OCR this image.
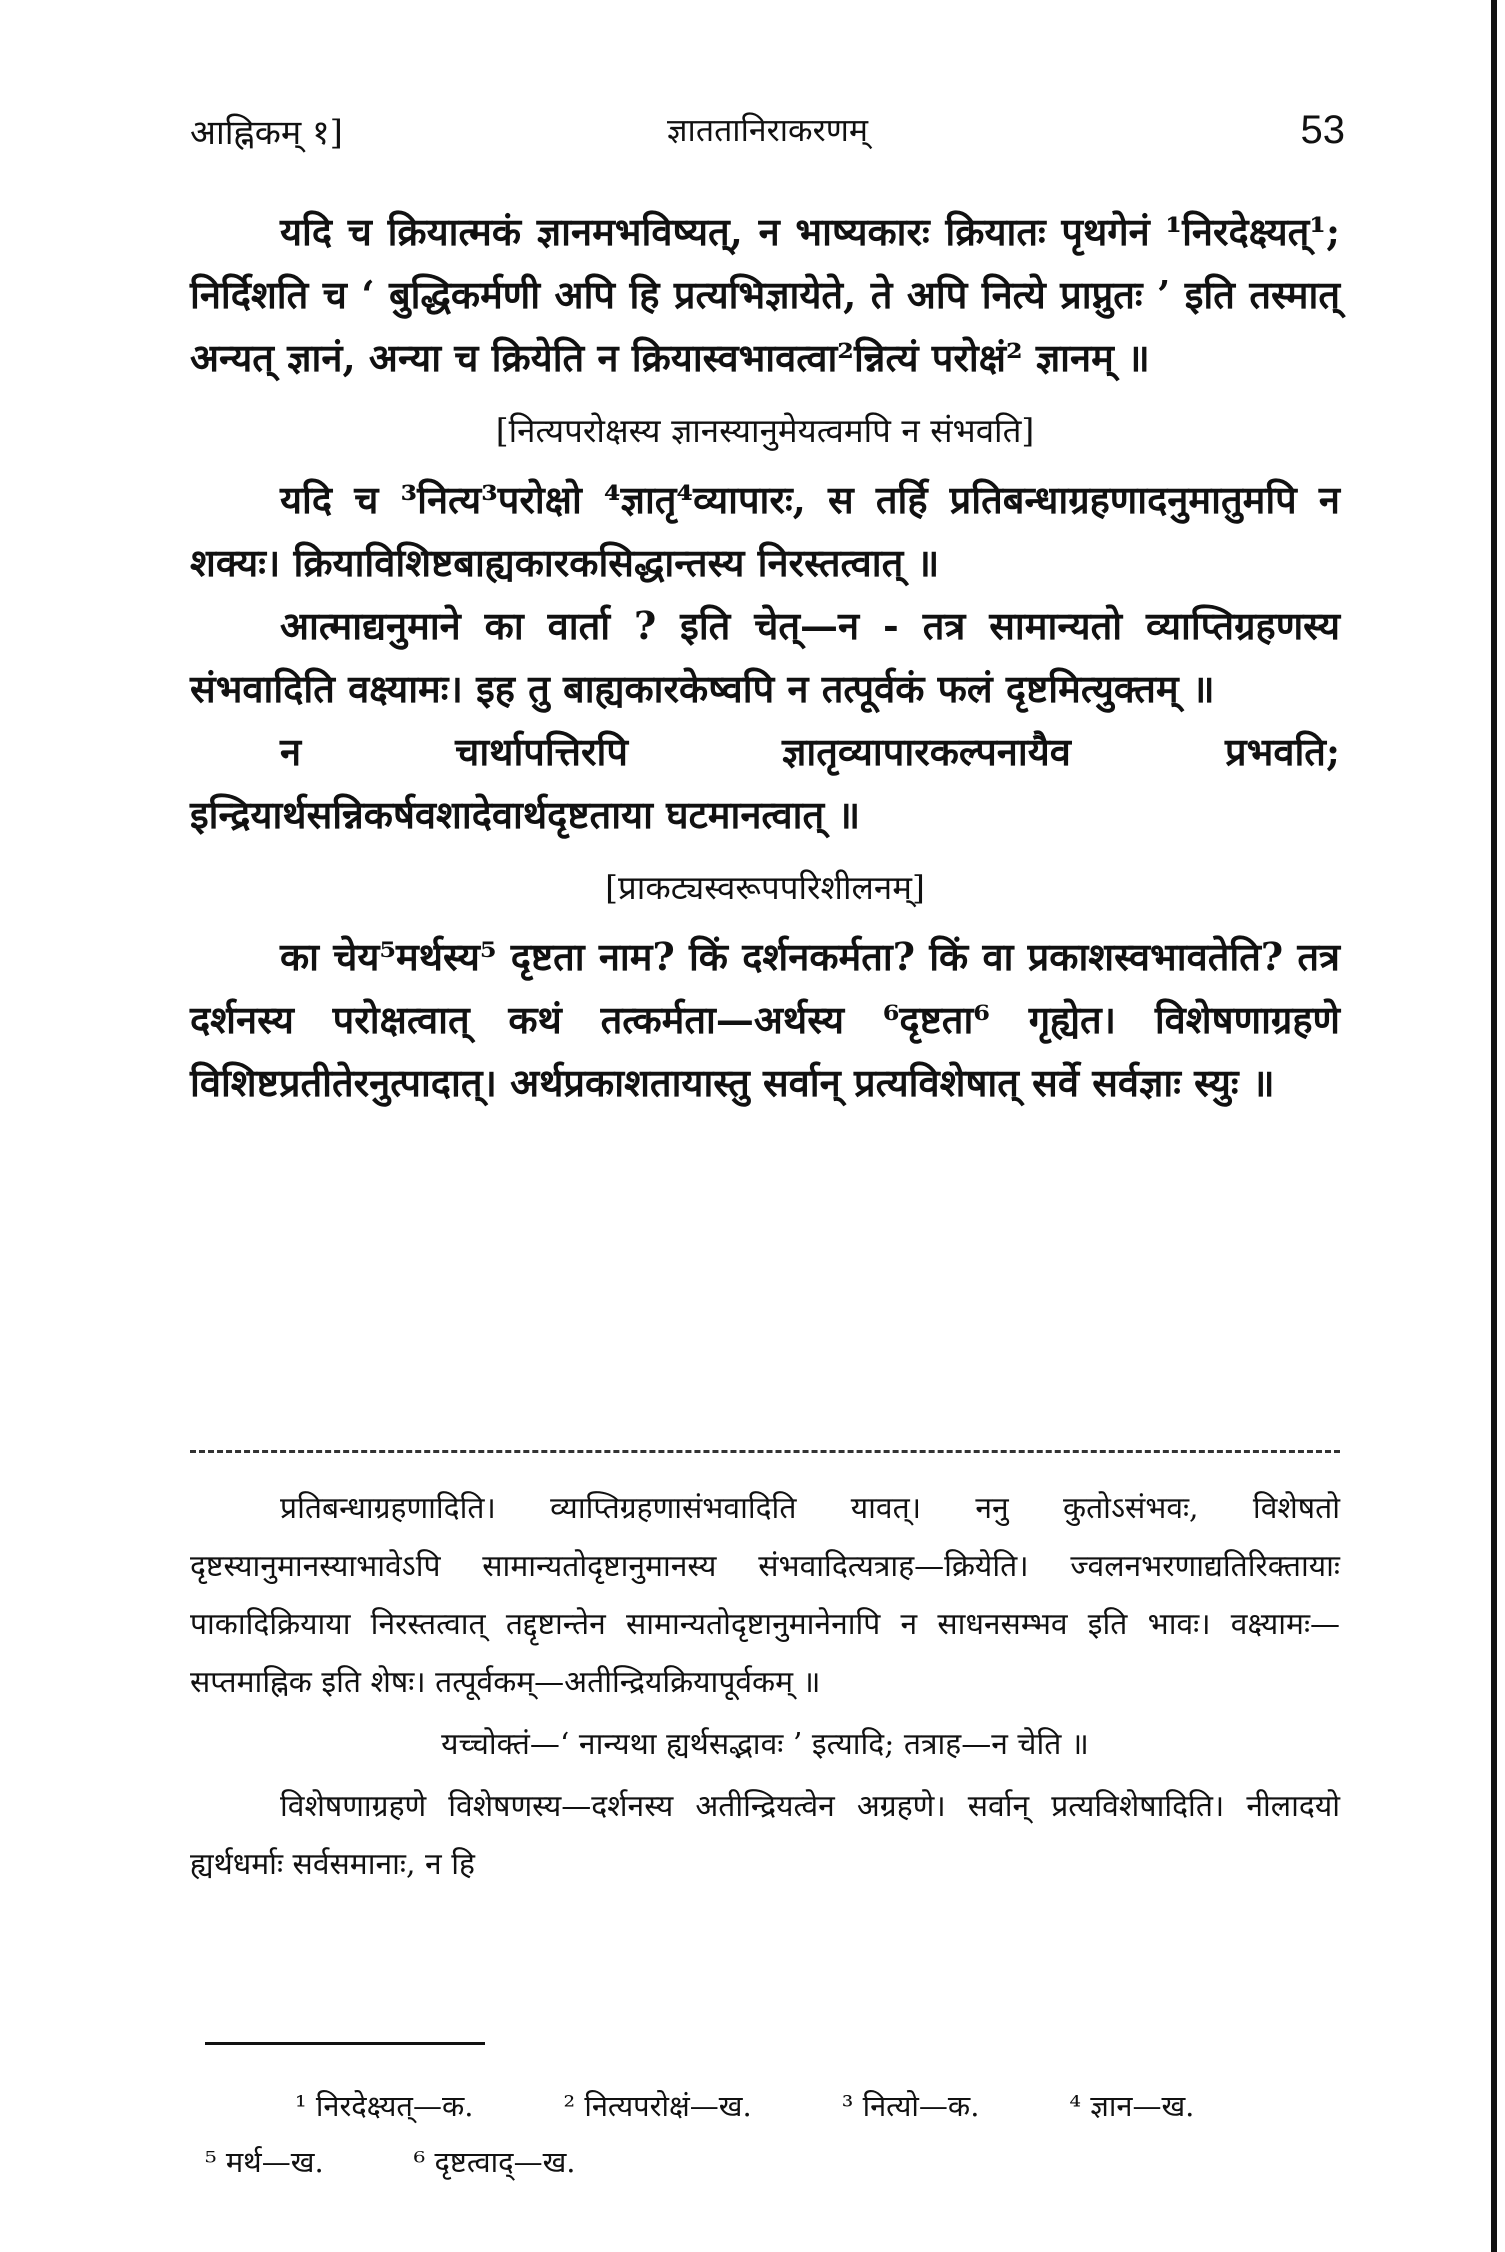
आह्निकम् १]	ज्ञाततानिराकरणम्	53

यदि च क्रियात्मकं ज्ञानमभविष्यत्, न भाष्यकारः क्रियातः पृथगेनं ¹निरदेक्ष्यत्¹; निर्दिशति च ‘ बुद्धिकर्मणी अपि हि प्रत्यभिज्ञायेते, ते अपि नित्ये प्राप्नुतः ’ इति तस्मात् अन्यत् ज्ञानं, अन्या च क्रियेति न क्रियास्वभावत्वा²न्नित्यं परोक्षं² ज्ञानम् ॥

[नित्यपरोक्षस्य ज्ञानस्यानुमेयत्वमपि न संभवति]

यदि च ³नित्य³परोक्षो ⁴ज्ञातृ⁴व्यापारः, स तर्हि प्रतिबन्धाग्रहणादनुमातुमपि न शक्यः। क्रियाविशिष्टबाह्यकारकसिद्धान्तस्य निरस्तत्वात् ॥

आत्माद्यनुमाने का वार्ता ? इति चेत्—न - तत्र सामान्यतो व्याप्तिग्रहणस्य संभवादिति वक्ष्यामः। इह तु बाह्यकारकेष्वपि न तत्पूर्वकं फलं दृष्टमित्युक्तम् ॥

न चार्थापत्तिरपि ज्ञातृव्यापारकल्पनायैव प्रभवति; इन्द्रियार्थसन्निकर्षवशादेवार्थदृष्टताया घटमानत्वात् ॥

[प्राकट्यस्वरूपपरिशीलनम्]

का चेय⁵मर्थस्य⁵ दृष्टता नाम? किं दर्शनकर्मता? किं वा प्रकाशस्वभावतेति? तत्र दर्शनस्य परोक्षत्वात् कथं तत्कर्मता—अर्थस्य ⁶दृष्टता⁶ गृह्येत। विशेषणाग्रहणे विशिष्टप्रतीतेरनुत्पादात्। अर्थप्रकाशतायास्तु सर्वान् प्रत्यविशेषात् सर्वे सर्वज्ञाः स्युः ॥

प्रतिबन्धाग्रहणादिति। व्याप्तिग्रहणासंभवादिति यावत्। ननु कुतोऽसंभवः, विशेषतो दृष्टस्यानुमानस्याभावेऽपि सामान्यतोदृष्टानुमानस्य संभवादित्यत्राह—क्रियेति। ज्वलनभरणाद्यतिरिक्तायाः पाकादिक्रियाया निरस्तत्वात् तद्दृष्टान्तेन सामान्यतोदृष्टानुमानेनापि न साधनसम्भव इति भावः। वक्ष्यामः—सप्तमाह्निक इति शेषः। तत्पूर्वकम्—अतीन्द्रियक्रियापूर्वकम् ॥

यच्चोक्तं—‘ नान्यथा ह्यर्थसद्भावः ’ इत्यादि; तत्राह—न चेति ॥

विशेषणाग्रहणे विशेषणस्य—दर्शनस्य अतीन्द्रियत्वेन अग्रहणे। सर्वान् प्रत्यविशेषादिति। नीलादयो ह्यर्थधर्माः सर्वसमानाः, न हि

¹ निरदेक्ष्यत्—क.	² नित्यपरोक्षं—ख.	³ नित्यो—क.	⁴ ज्ञान—ख.
⁵ मर्थ—ख.	⁶ दृष्टत्वाद्—ख.
